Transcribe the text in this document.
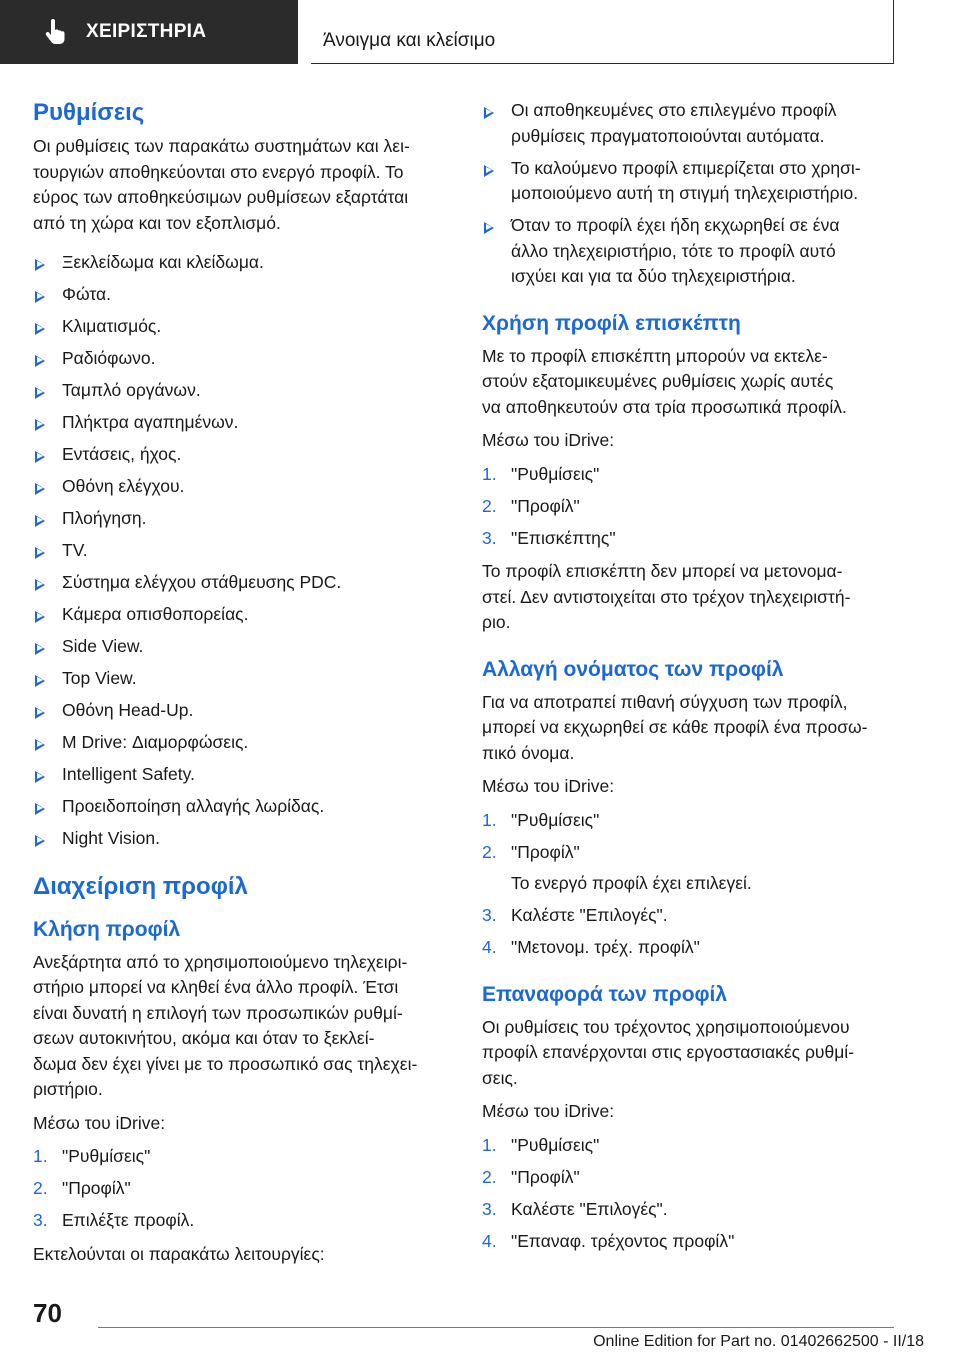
ΧΕΙΡΙΣΤΗΡΙΑ	Άνοιγμα και κλείσιμο
Ρυθμίσεις
Οι ρυθμίσεις των παρακάτω συστημάτων και λει-
τουργιών αποθηκεύονται στο ενεργό προφίλ. Το
εύρος των αποθηκεύσιμων ρυθμίσεων εξαρτάται
από τη χώρα και τον εξοπλισμό.
Ξεκλείδωμα και κλείδωμα.
Φώτα.
Κλιματισμός.
Ραδιόφωνο.
Ταμπλό οργάνων.
Πλήκτρα αγαπημένων.
Εντάσεις, ήχος.
Οθόνη ελέγχου.
Πλοήγηση.
TV.
Σύστημα ελέγχου στάθμευσης PDC.
Κάμερα οπισθοπορείας.
Side View.
Top View.
Οθόνη Head-Up.
M Drive: Διαμορφώσεις.
Intelligent Safety.
Προειδοποίηση αλλαγής λωρίδας.
Night Vision.
Διαχείριση προφίλ
Κλήση προφίλ
Ανεξάρτητα από το χρησιμοποιούμενο τηλεχειρι-
στήριο μπορεί να κληθεί ένα άλλο προφίλ. Έτσι
είναι δυνατή η επιλογή των προσωπικών ρυθμί-
σεων αυτοκινήτου, ακόμα και όταν το ξεκλεί-
δωμα δεν έχει γίνει με το προσωπικό σας τηλεχει-
ριστήριο.
Μέσω του iDrive:
1. "Ρυθμίσεις"
2. "Προφίλ"
3. Επιλέξτε προφίλ.
Εκτελούνται οι παρακάτω λειτουργίες:
Οι αποθηκευμένες στο επιλεγμένο προφίλ
ρυθμίσεις πραγματοποιούνται αυτόματα.
Το καλούμενο προφίλ επιμερίζεται στο χρησι-
μοποιούμενο αυτή τη στιγμή τηλεχειριστήριο.
Όταν το προφίλ έχει ήδη εκχωρηθεί σε ένα
άλλο τηλεχειριστήριο, τότε το προφίλ αυτό
ισχύει και για τα δύο τηλεχειριστήρια.
Χρήση προφίλ επισκέπτη
Με το προφίλ επισκέπτη μπορούν να εκτελε-
στούν εξατομικευμένες ρυθμίσεις χωρίς αυτές
να αποθηκευτούν στα τρία προσωπικά προφίλ.
Μέσω του iDrive:
1. "Ρυθμίσεις"
2. "Προφίλ"
3. "Επισκέπτης"
Το προφίλ επισκέπτη δεν μπορεί να μετονομα-
στεί. Δεν αντιστοιχείται στο τρέχον τηλεχειριστή-
ριο.
Αλλαγή ονόματος των προφίλ
Για να αποτραπεί πιθανή σύγχυση των προφίλ,
μπορεί να εκχωρηθεί σε κάθε προφίλ ένα προσω-
πικό όνομα.
Μέσω του iDrive:
1. "Ρυθμίσεις"
2. "Προφίλ"
Το ενεργό προφίλ έχει επιλεγεί.
3. Καλέστε "Επιλογές".
4. "Μετονομ. τρέχ. προφίλ"
Επαναφορά των προφίλ
Οι ρυθμίσεις του τρέχοντος χρησιμοποιούμενου
προφίλ επανέρχονται στις εργοστασιακές ρυθμί-
σεις.
Μέσω του iDrive:
1. "Ρυθμίσεις"
2. "Προφίλ"
3. Καλέστε "Επιλογές".
4. "Επαναφ. τρέχοντος προφίλ"
70
Online Edition for Part no. 01402662500 - II/18
